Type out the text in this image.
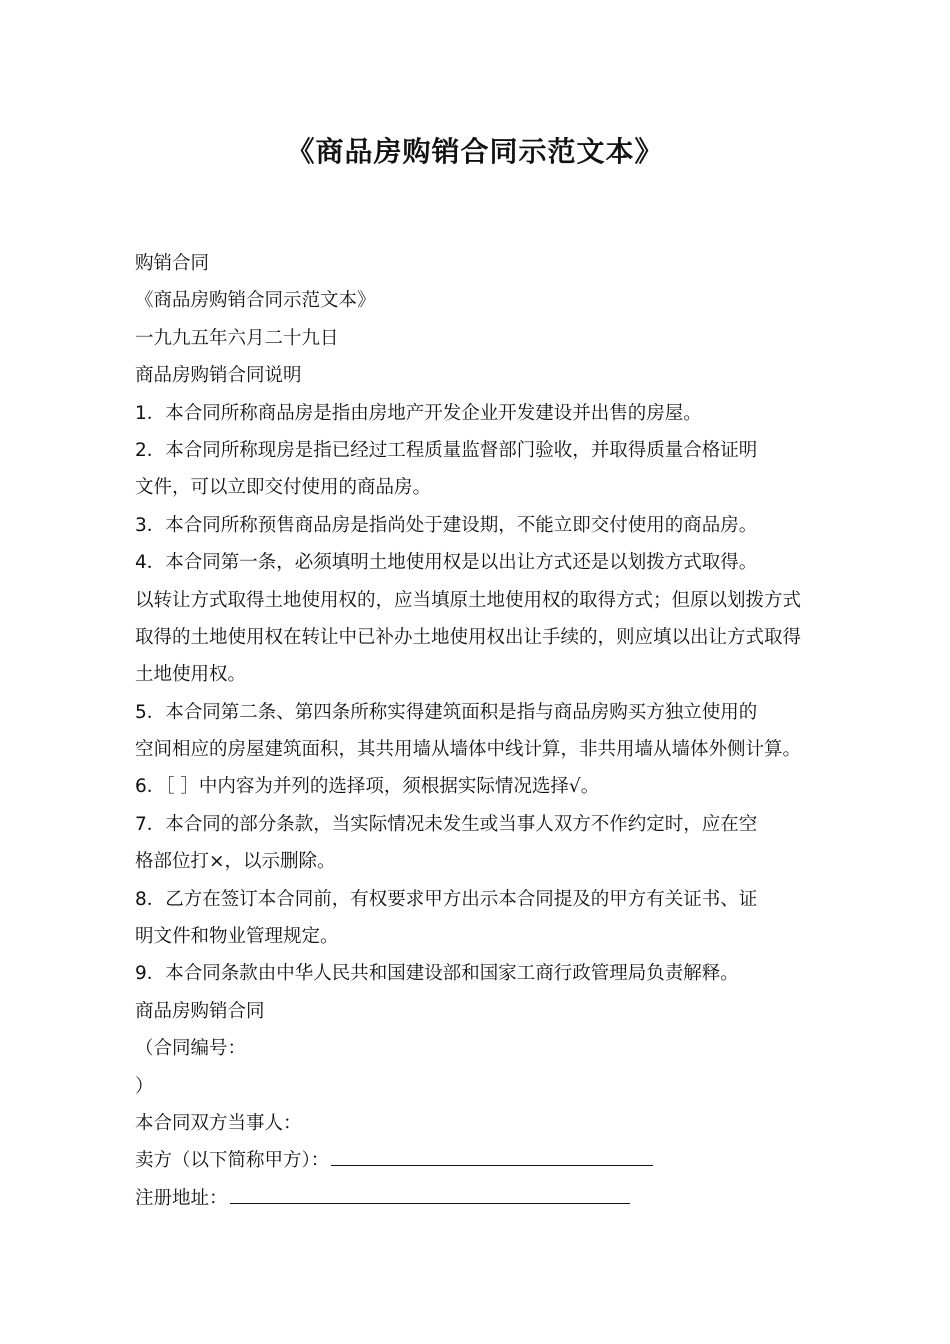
《商品房购销合同示范文本》
购销合同
《商品房购销合同示范文本》
一九九五年六月二十九日
商品房购销合同说明
1．本合同所称商品房是指由房地产开发企业开发建设并出售的房屋。
2．本合同所称现房是指已经过工程质量监督部门验收，并取得质量合格证明
文件，可以立即交付使用的商品房。
3．本合同所称预售商品房是指尚处于建设期，不能立即交付使用的商品房。
4．本合同第一条，必须填明土地使用权是以出让方式还是以划拨方式取得。
以转让方式取得土地使用权的，应当填原土地使用权的取得方式；但原以划拨方式
取得的土地使用权在转让中已补办土地使用权出让手续的，则应填以出让方式取得
土地使用权。
5．本合同第二条、第四条所称实得建筑面积是指与商品房购买方独立使用的
空间相应的房屋建筑面积，其共用墙从墙体中线计算，非共用墙从墙体外侧计算。
6．［ ］中内容为并列的选择项，须根据实际情况选择√。
7．本合同的部分条款，当实际情况未发生或当事人双方不作约定时，应在空
格部位打×，以示删除。
8．乙方在签订本合同前，有权要求甲方出示本合同提及的甲方有关证书、证
明文件和物业管理规定。
9．本合同条款由中华人民共和国建设部和国家工商行政管理局负责解释。
商品房购销合同
（合同编号：
）
本合同双方当事人：
卖方（以下简称甲方）：
注册地址：
